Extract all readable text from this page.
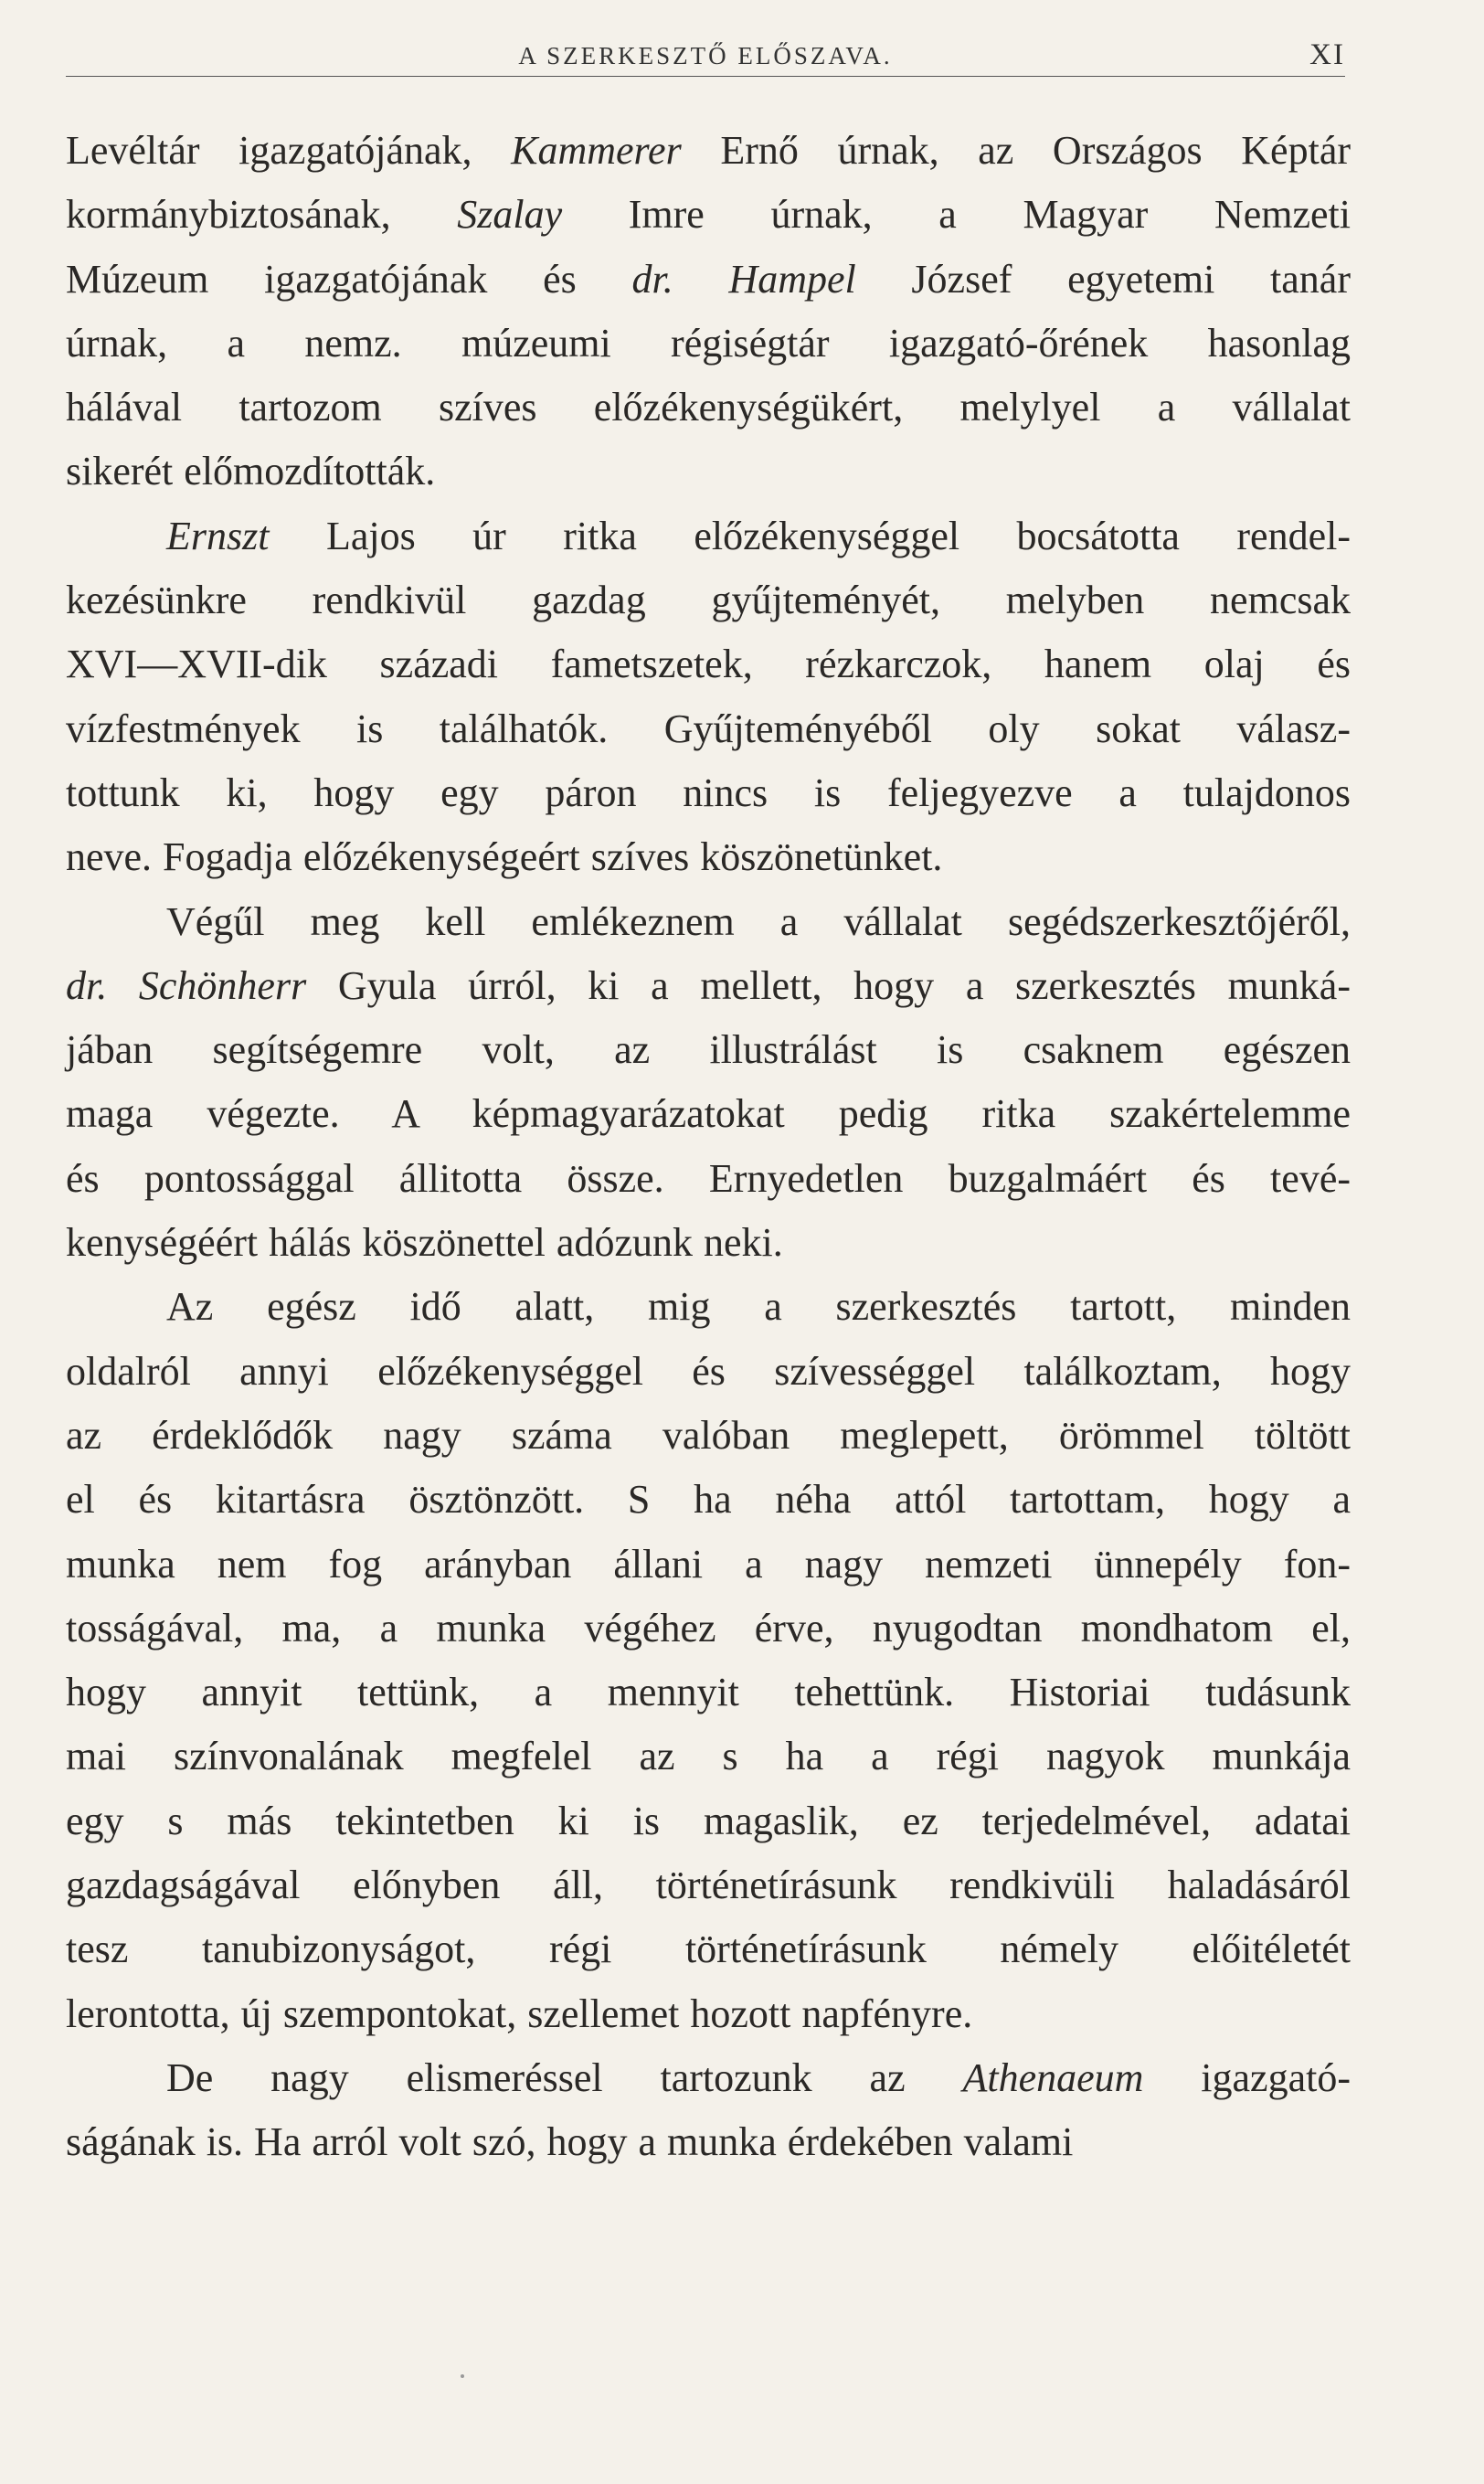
A SZERKESZTŐ ELŐSZAVA.	XI
Levéltár igazgatójának, Kammerer Ernő úrnak, az Országos Képtár
kormánybiztosának, Szalay Imre úrnak, a Magyar Nemzeti
Múzeum igazgatójának és dr. Hampel József egyetemi tanár
úrnak, a nemz. múzeumi régiségtár igazgató-őrének hasonlag
hálával tartozom szíves előzékenységükért, melylyel a vállalat
sikerét előmozdították.
Ernszt Lajos úr ritka előzékenységgel bocsátotta rendel-
kezésünkre rendkivül gazdag gyűjteményét, melyben nemcsak
XVI—XVII-dik századi fametszetek, rézkarczok, hanem olaj és
vízfestmények is találhatók. Gyűjteményéből oly sokat válasz-
tottunk ki, hogy egy páron nincs is feljegyezve a tulajdonos
neve. Fogadja előzékenységeért szíves köszönetünket.
Végűl meg kell emlékeznem a vállalat segédszerkesztőjéről,
dr. Schönherr Gyula úrról, ki a mellett, hogy a szerkesztés munká-
jában segítségemre volt, az illustrálást is csaknem egészen
maga végezte. A képmagyarázatokat pedig ritka szakértelemme
és pontossággal állitotta össze. Ernyedetlen buzgalmáért és tevé-
kenységéért hálás köszönettel adózunk neki.
Az egész idő alatt, mig a szerkesztés tartott, minden
oldalról annyi előzékenységgel és szívességgel találkoztam, hogy
az érdeklődők nagy száma valóban meglepett, örömmel töltött
el és kitartásra ösztönzött. S ha néha attól tartottam, hogy a
munka nem fog arányban állani a nagy nemzeti ünnepély fon-
tosságával, ma, a munka végéhez érve, nyugodtan mondhatom el,
hogy annyit tettünk, a mennyit tehettünk. Historiai tudásunk
mai színvonalának megfelel az s ha a régi nagyok munkája
egy s más tekintetben ki is magaslik, ez terjedelmével, adatai
gazdagságával előnyben áll, történetírásunk rendkivüli haladásáról
tesz tanubizonyságot, régi történetírásunk némely előitéletét
lerontotta, új szempontokat, szellemet hozott napfényre.
De nagy elismeréssel tartozunk az Athenaeum igazgató-
ságának is. Ha arról volt szó, hogy a munka érdekében valami
